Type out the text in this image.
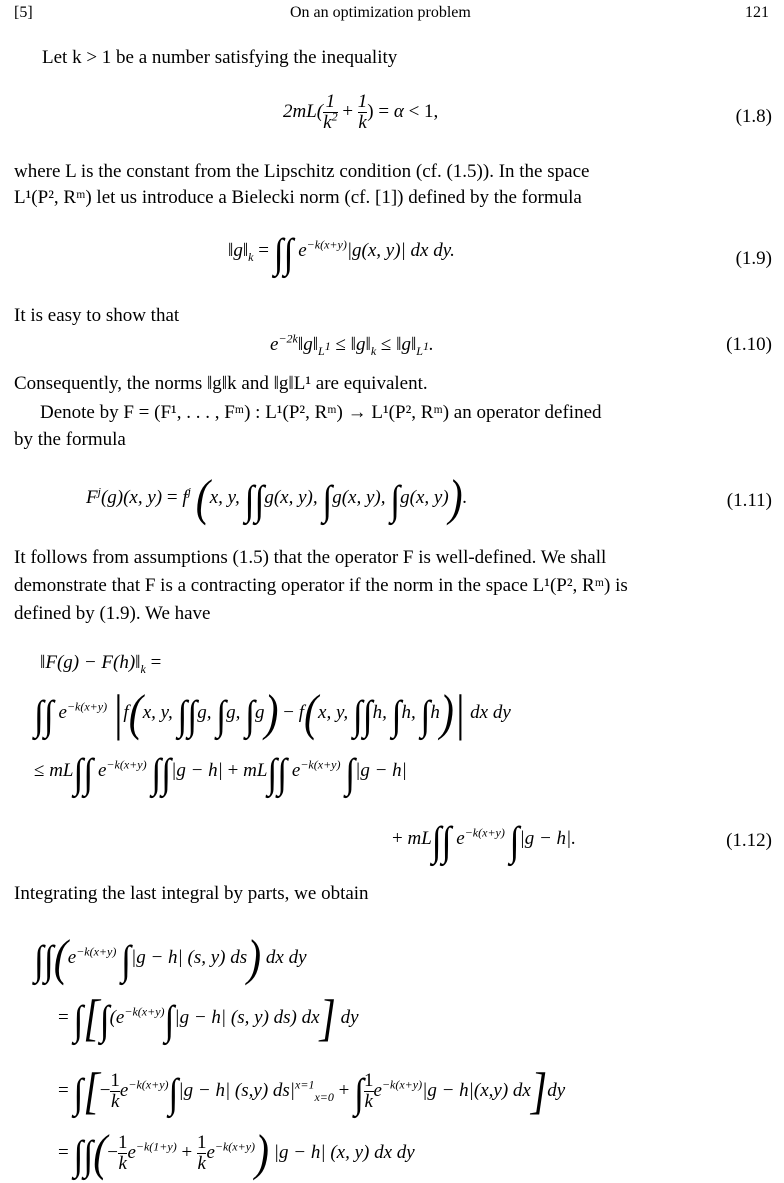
[5]	On an optimization problem	121
Let k > 1 be a number satisfying the inequality
$2mL( \frac{1}{k^2} + \frac{1}{k}$ ) = α < 1,	(1.8)
where L is the constant from the Lipschitz condition (cf. (1.5)). In the space
L¹(P², Rᵐ) let us introduce a Bielecki norm (cf. [1]) defined by the formula
$‖g‖_k$ = ∫∫ $e^{-k(x+y)}|g(x$, y)| dx dy.	(1.9)
It is easy to show that
$e^{-2k}‖g‖_{L^1}$ ≤ $‖g‖_k$ ≤ $‖g‖_{L^1}$.	(1.10)
Consequently, the norms ‖g‖k and ‖g‖L¹ are equivalent.
Denote by F = (F¹, . . . , Fᵐ) : L¹(P², Rᵐ) → L¹(P², Rᵐ) an operator defined
by the formula
$F^j(g)(x$, $y) = f^j$ (x, y, ∫∫g(x, y), ∫g(x, y), ∫g(x, y)).	(1.11)
It follows from assumptions (1.5) that the operator F is well-defined. We shall
demonstrate that F is a contracting operator if the norm in the space L¹(P², Rᵐ) is
defined by (1.9). We have
‖F(g) − $F(h)‖_k$ =
∫∫ $e^{-k(x+y)}$ |f(x, y, ∫∫g, ∫g, ∫g) − f(x, y, ∫∫h, ∫h, ∫h)| dx dy
≤ mL∫∫ $e^{-k(x+y)}$ ∫∫|g − h| + mL∫∫ $e^{-k(x+y)}$ ∫|g − h|
+ mL∫∫ $e^{-k(x+y)}$ ∫|g − h|.	(1.12)
Integrating the last integral by parts, we obtain
$\int\int(e^{-k(x+y)}$ ∫|g − h| (s, y) ds) dx dy
= $\int[\int(e^{-k(x+y)}\int|g - h|$ (s, y) ds) dx] dy
= ∫[− $\frac{1}{k} e^{-k(x+y)}\int|g - h|$ (s,y) $ds|^{x=1}_{x=0}$ + ∫ $\frac{1}{k} e^{-k(x+y)}|g - h|(x,y)$ dx]dy
= ∫∫(− $\frac{1}{k} e^{-k(1+y)} + \frac{1}{k} e^{-k(x+y)}$) |g − h| (x, y) dx dy
